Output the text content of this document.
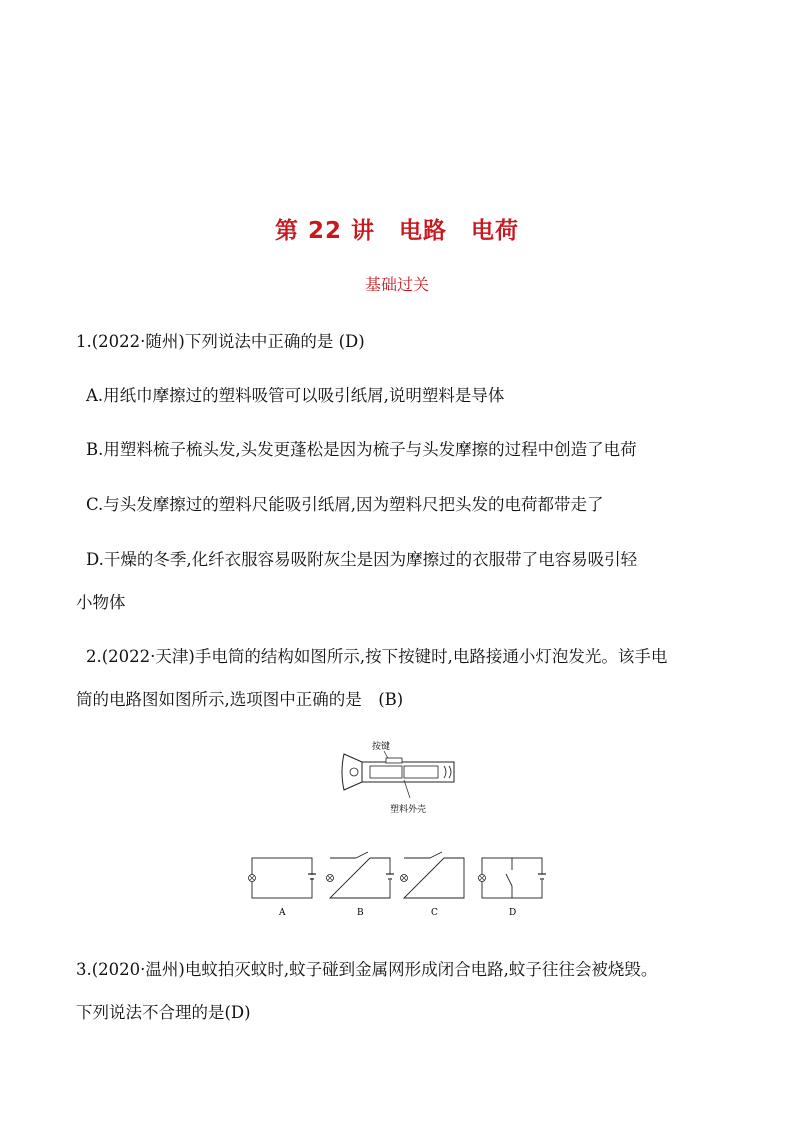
第 22 讲　电路　电荷
基础过关
1.(2022·随州)下列说法中正确的是 (D)
A.用纸巾摩擦过的塑料吸管可以吸引纸屑,说明塑料是导体
B.用塑料梳子梳头发,头发更蓬松是因为梳子与头发摩擦的过程中创造了电荷
C.与头发摩擦过的塑料尺能吸引纸屑,因为塑料尺把头发的电荷都带走了
D.干燥的冬季,化纤衣服容易吸附灰尘是因为摩擦过的衣服带了电容易吸引轻
小物体
2.(2022·天津)手电筒的结构如图所示,按下按键时,电路接通小灯泡发光。该手电
筒的电路图如图所示,选项图中正确的是　(B)
按键
塑料外壳
A	B	C	D
3.(2020·温州)电蚊拍灭蚊时,蚊子碰到金属网形成闭合电路,蚊子往往会被烧毁。
下列说法不合理的是(D)
